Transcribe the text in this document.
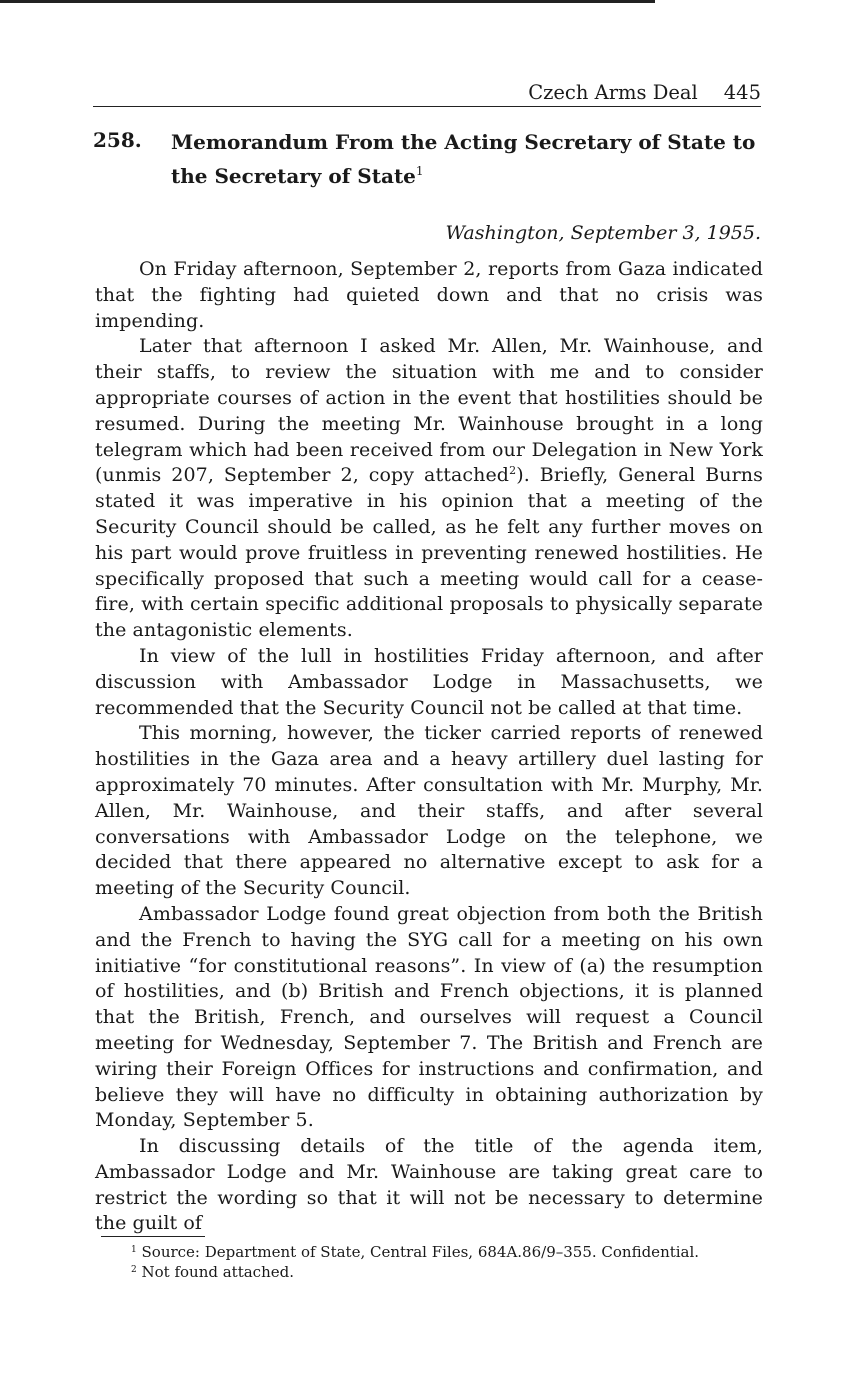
Czech Arms Deal 445
258. Memorandum From the Acting Secretary of State to the Secretary of State$^1$
Washington, September 3, 1955.

On Friday afternoon, September 2, reports from Gaza indicated that the fighting had quieted down and that no crisis was impending.

Later that afternoon I asked Mr. Allen, Mr. Wainhouse, and their staffs, to review the situation with me and to consider appropriate courses of action in the event that hostilities should be resumed. During the meeting Mr. Wainhouse brought in a long telegram which had been received from our Delegation in New York (unmis 207, September 2, copy attached$^2$). Briefly, General Burns stated it was imperative in his opinion that a meeting of the Security Council should be called, as he felt any further moves on his part would prove fruitless in preventing renewed hostilities. He specifically proposed that such a meeting would call for a cease-fire, with certain specific additional proposals to physically separate the antagonistic elements.

In view of the lull in hostilities Friday afternoon, and after discussion with Ambassador Lodge in Massachusetts, we recommended that the Security Council not be called at that time.

This morning, however, the ticker carried reports of renewed hostilities in the Gaza area and a heavy artillery duel lasting for approximately 70 minutes. After consultation with Mr. Murphy, Mr. Allen, Mr. Wainhouse, and their staffs, and after several conversations with Ambassador Lodge on the telephone, we decided that there appeared no alternative except to ask for a meeting of the Security Council.

Ambassador Lodge found great objection from both the British and the French to having the SYG call for a meeting on his own initiative “for constitutional reasons”. In view of (a) the resumption of hostilities, and (b) British and French objections, it is planned that the British, French, and ourselves will request a Council meeting for Wednesday, September 7. The British and French are wiring their Foreign Offices for instructions and confirmation, and believe they will have no difficulty in obtaining authorization by Monday, September 5.

In discussing details of the title of the agenda item, Ambassador Lodge and Mr. Wainhouse are taking great care to restrict the wording so that it will not be necessary to determine the guilt of

$^1$ Source: Department of State, Central Files, 684A.86/9–355. Confidential.
$^2$ Not found attached.
